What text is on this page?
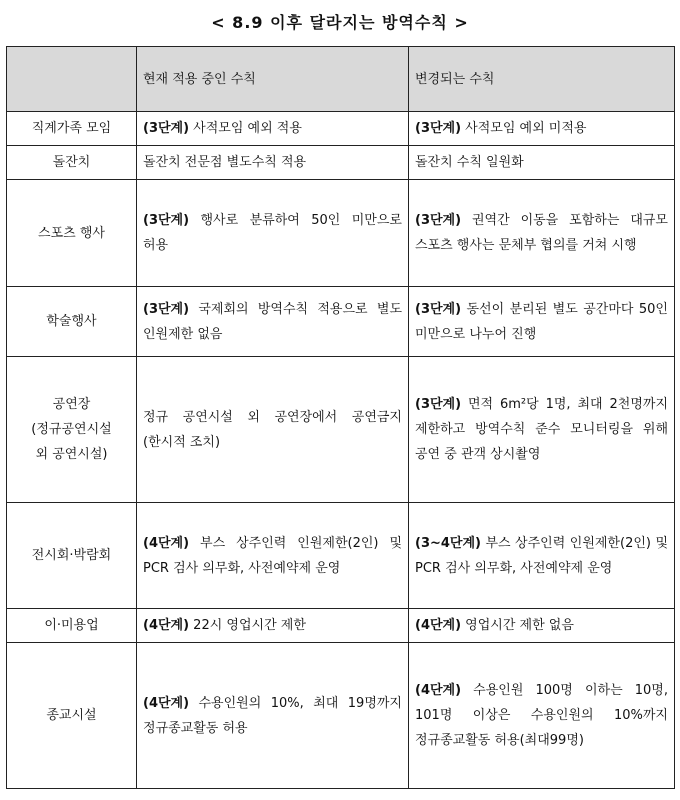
< 8.9 이후 달라지는 방역수칙 >
	현재 적용 중인 수칙	변경되는 수칙
직계가족 모임	(3단계) 사적모임 예외 적용	(3단계) 사적모임 예외 미적용
돌잔치	돌잔치 전문점 별도수칙 적용	돌잔치 수칙 일원화
스포츠 행사	(3단계) 행사로 분류하여 50인 미만으로 허용	(3단계) 권역간 이동을 포함하는 대규모 스포츠 행사는 문체부 협의를 거쳐 시행
학술행사	(3단계) 국제회의 방역수칙 적용으로 별도 인원제한 없음	(3단계) 동선이 분리된 별도 공간마다 50인 미만으로 나누어 진행
공연장
(정규공연시설
외 공연시설)	정규 공연시설 외 공연장에서 공연금지(한시적 조치)	(3단계) 면적 6m²당 1명, 최대 2천명까지 제한하고 방역수칙 준수 모니터링을 위해 공연 중 관객 상시촬영
전시회·박람회	(4단계) 부스 상주인력 인원제한(2인) 및 PCR 검사 의무화, 사전예약제 운영	(3~4단계) 부스 상주인력 인원제한(2인) 및 PCR 검사 의무화, 사전예약제 운영
이·미용업	(4단계) 22시 영업시간 제한	(4단계) 영업시간 제한 없음
종교시설	(4단계) 수용인원의 10%, 최대 19명까지 정규종교활동 허용	(4단계) 수용인원 100명 이하는 10명, 101명 이상은 수용인원의 10%까지 정규종교활동 허용(최대99명)
